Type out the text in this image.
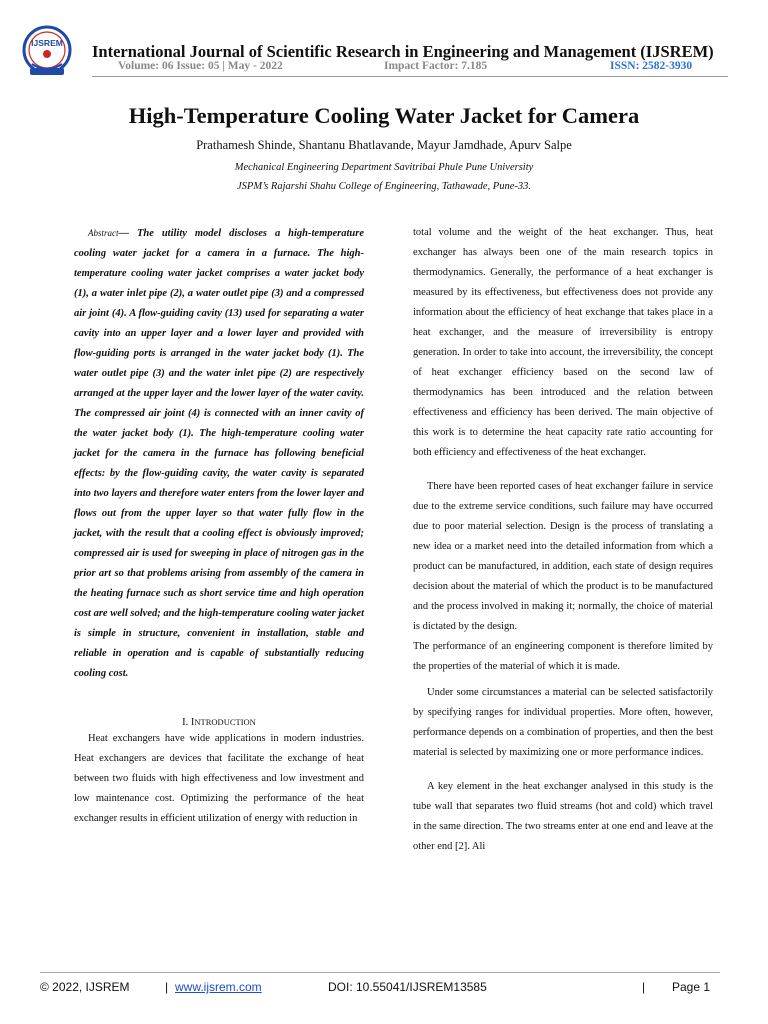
IJSREM International Journal of Scientific Research in Engineering and Management (IJSREM)
Volume: 06 Issue: 05 | May - 2022	Impact Factor: 7.185	ISSN: 2582-3930
High-Temperature Cooling Water Jacket for Camera
Prathamesh Shinde, Shantanu Bhatlavande, Mayur Jamdhade, Apurv Salpe
Mechanical Engineering Department Savitribai Phule Pune University
JSPM’s Rajarshi Shahu College of Engineering, Tathawade, Pune-33.

Abstract— The utility model discloses a high-temperature cooling water jacket for a camera in a furnace. The high-temperature cooling water jacket comprises a water jacket body (1), a water inlet pipe (2), a water outlet pipe (3) and a compressed air joint (4). A flow-guiding cavity (13) used for separating a water cavity into an upper layer and a lower layer and provided with flow-guiding ports is arranged in the water jacket body (1). The water outlet pipe (3) and the water inlet pipe (2) are respectively arranged at the upper layer and the lower layer of the water cavity. The compressed air joint (4) is connected with an inner cavity of the water jacket body (1). The high-temperature cooling water jacket for the camera in the furnace has following beneficial effects: by the flow-guiding cavity, the water cavity is separated into two layers and therefore water enters from the lower layer and flows out from the upper layer so that water fully flow in the jacket, with the result that a cooling effect is obviously improved; compressed air is used for sweeping in place of nitrogen gas in the prior art so that problems arising from assembly of the camera in the heating furnace such as short service time and high operation cost are well solved; and the high-temperature cooling water jacket is simple in structure, convenient in installation, stable and reliable in operation and is capable of substantially reducing cooling cost.

I. INTRODUCTION

Heat exchangers have wide applications in modern industries. Heat exchangers are devices that facilitate the exchange of heat between two fluids with high effectiveness and low investment and low maintenance cost. Optimizing the performance of the heat exchanger results in efficient utilization of energy with reduction in

total volume and the weight of the heat exchanger. Thus, heat exchanger has always been one of the main research topics in thermodynamics. Generally, the performance of a heat exchanger is measured by its effectiveness, but effectiveness does not provide any information about the efficiency of heat exchange that takes place in a heat exchanger, and the measure of irreversibility is entropy generation. In order to take into account, the irreversibility, the concept of heat exchanger efficiency based on the second law of thermodynamics has been introduced and the relation between effectiveness and efficiency has been derived. The main objective of this work is to determine the heat capacity rate ratio accounting for both efficiency and effectiveness of the heat exchanger.

There have been reported cases of heat exchanger failure in service due to the extreme service conditions, such failure may have occurred due to poor material selection. Design is the process of translating a new idea or a market need into the detailed information from which a product can be manufactured, in addition, each state of design requires decision about the material of which the product is to be manufactured and the process involved in making it; normally, the choice of material is dictated by the design.

The performance of an engineering component is therefore limited by the properties of the material of which it is made.

Under some circumstances a material can be selected satisfactorily by specifying ranges for individual properties. More often, however, performance depends on a combination of properties, and then the best material is selected by maximizing one or more performance indices.

A key element in the heat exchanger analysed in this study is the tube wall that separates two fluid streams (hot and cold) which travel in the same direction. The two streams enter at one end and leave at the other end [2]. Ali

© 2022, IJSREM	| www.ijsrem.com	DOI: 10.55041/IJSREM13585	| Page 1
